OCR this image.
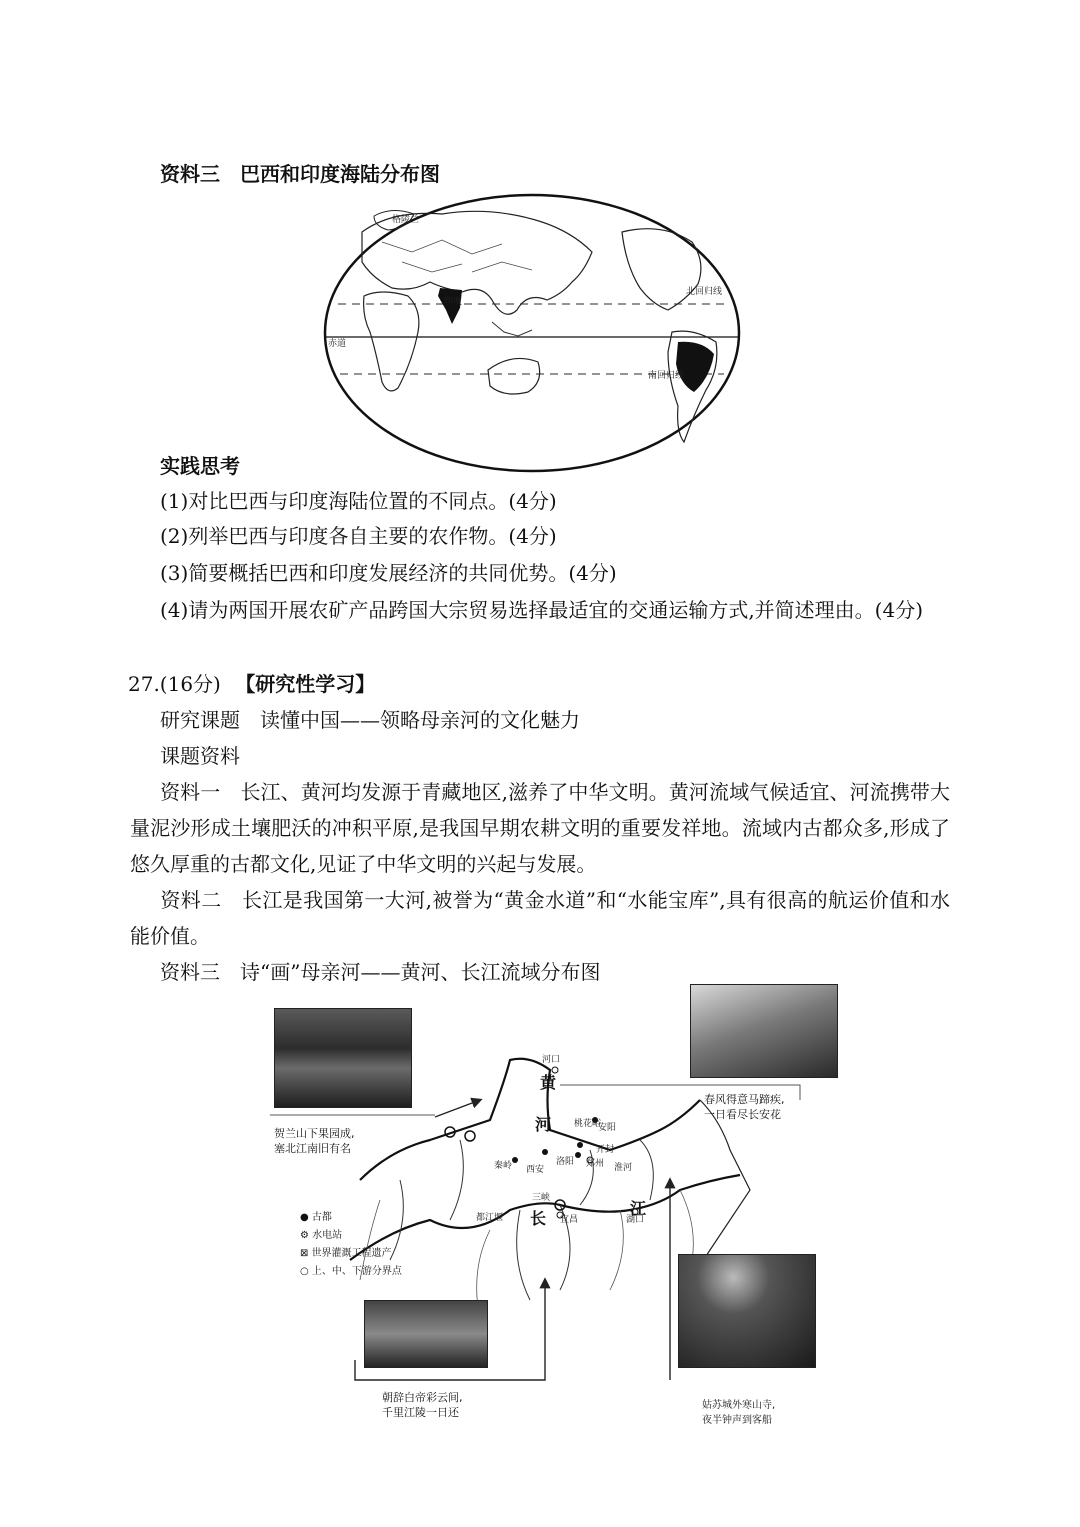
资料三　巴西和印度海陆分布图
格陵兰
印度
赤道
北回归线
南回归线
实践思考
(1)对比巴西与印度海陆位置的不同点。(4分)
(2)列举巴西与印度各自主要的农作物。(4分)
(3)简要概括巴西和印度发展经济的共同优势。(4分)
(4)请为两国开展农矿产品跨国大宗贸易选择最适宜的交通运输方式,并简述理由。(4分)
27.(16分) 【研究性学习】
研究课题　读懂中国——领略母亲河的文化魅力
课题资料
资料一　长江、黄河均发源于青藏地区,滋养了中华文明。黄河流域气候适宜、河流携带大量泥沙形成土壤肥沃的冲积平原,是我国早期农耕文明的重要发祥地。流域内古都众多,形成了悠久厚重的古都文化,见证了中华文明的兴起与发展。
资料二　长江是我国第一大河,被誉为“黄金水道”和“水能宝库”,具有很高的航运价值和水能价值。
资料三　诗“画”母亲河——黄河、长江流域分布图
黄
河
长
江
河口
桃花峪
安阳
开封
郑州
洛阳
西安
秦岭	淮河
三峡
宜昌
都江堰	湖口
● 古都
⚙ 水电站
⊠ 世界灌溉工程遗产
○ 上、中、下游分界点
贺兰山下果园成,
塞北江南旧有名
春风得意马蹄疾,
一日看尽长安花
朝辞白帝彩云间,
千里江陵一日还
姑苏城外寒山寺,
夜半钟声到客船
